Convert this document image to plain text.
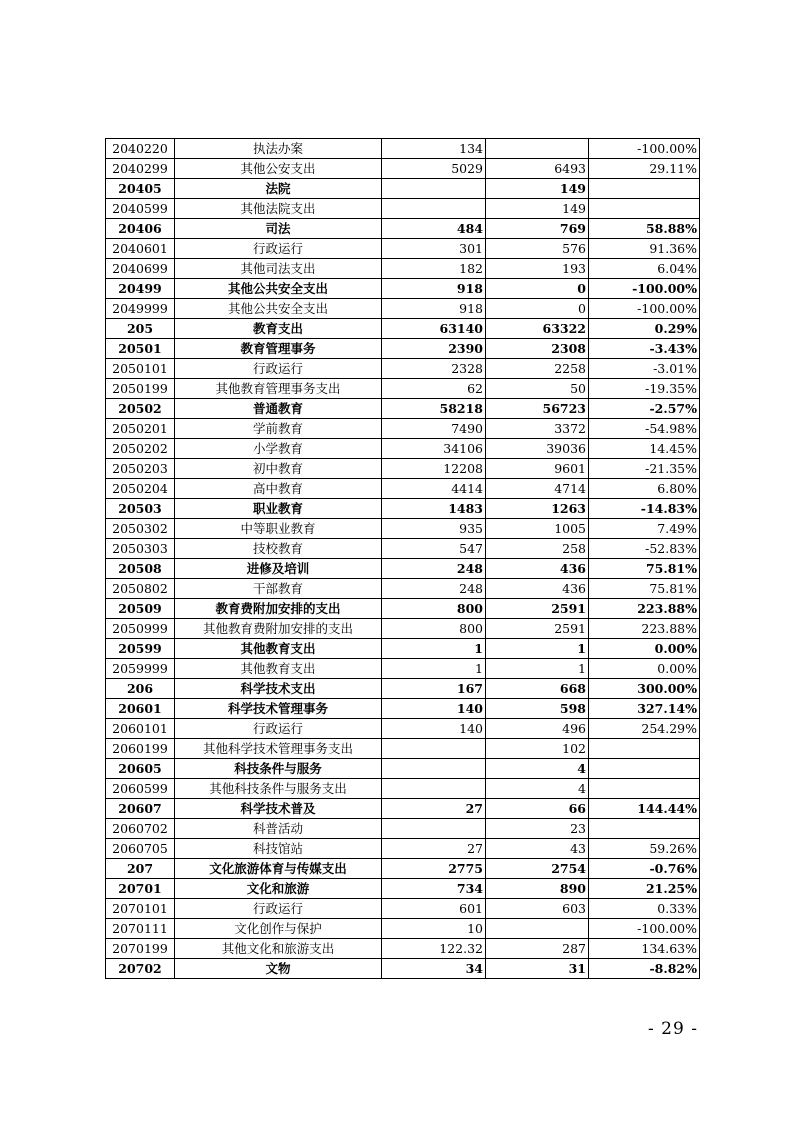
2040220	执法办案	134		-100.00%
2040299	其他公安支出	5029	6493	29.11%
20405	法院		149	
2040599	其他法院支出		149	
20406	司法	484	769	58.88%
2040601	行政运行	301	576	91.36%
2040699	其他司法支出	182	193	6.04%
20499	其他公共安全支出	918	0	-100.00%
2049999	其他公共安全支出	918	0	-100.00%
205	教育支出	63140	63322	0.29%
20501	教育管理事务	2390	2308	-3.43%
2050101	行政运行	2328	2258	-3.01%
2050199	其他教育管理事务支出	62	50	-19.35%
20502	普通教育	58218	56723	-2.57%
2050201	学前教育	7490	3372	-54.98%
2050202	小学教育	34106	39036	14.45%
2050203	初中教育	12208	9601	-21.35%
2050204	高中教育	4414	4714	6.80%
20503	职业教育	1483	1263	-14.83%
2050302	中等职业教育	935	1005	7.49%
2050303	技校教育	547	258	-52.83%
20508	进修及培训	248	436	75.81%
2050802	干部教育	248	436	75.81%
20509	教育费附加安排的支出	800	2591	223.88%
2050999	其他教育费附加安排的支出	800	2591	223.88%
20599	其他教育支出	1	1	0.00%
2059999	其他教育支出	1	1	0.00%
206	科学技术支出	167	668	300.00%
20601	科学技术管理事务	140	598	327.14%
2060101	行政运行	140	496	254.29%
2060199	其他科学技术管理事务支出		102	
20605	科技条件与服务		4	
2060599	其他科技条件与服务支出		4	
20607	科学技术普及	27	66	144.44%
2060702	科普活动		23	
2060705	科技馆站	27	43	59.26%
207	文化旅游体育与传媒支出	2775	2754	-0.76%
20701	文化和旅游	734	890	21.25%
2070101	行政运行	601	603	0.33%
2070111	文化创作与保护	10		-100.00%
2070199	其他文化和旅游支出	122.32	287	134.63%
20702	文物	34	31	-8.82%
- 29 -
